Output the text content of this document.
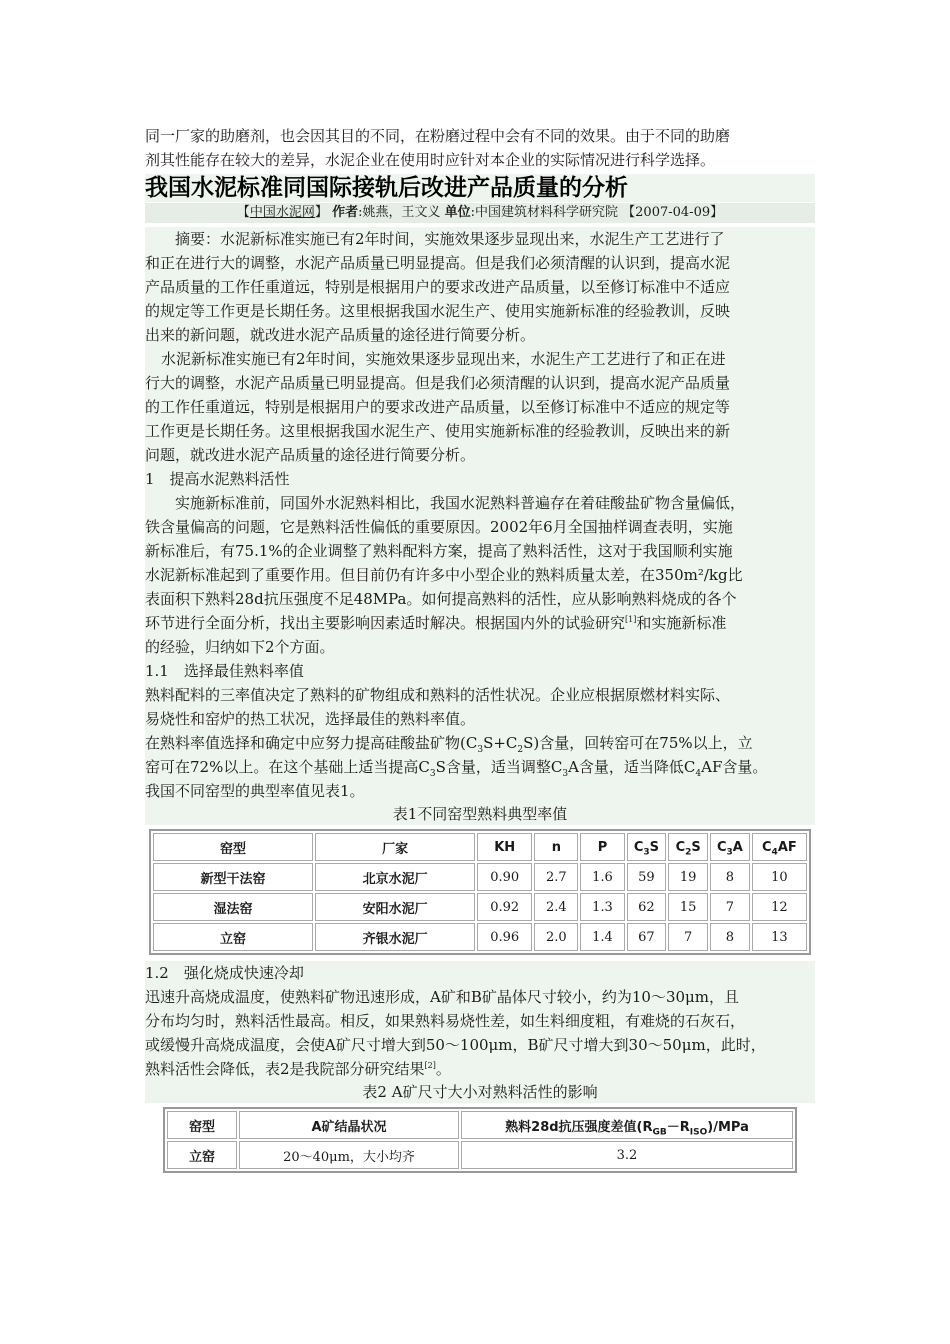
同一厂家的助磨剂，也会因其目的不同，在粉磨过程中会有不同的效果。由于不同的助磨

剂其性能存在较大的差异，水泥企业在使用时应针对本企业的实际情况进行科学选择。

我国水泥标准同国际接轨后改进产品质量的分析
【中国水泥网】 作者:姚燕，王文义 单位:中国建筑材料科学研究院 【2007-04-09】

摘要：水泥新标准实施已有2年时间，实施效果逐步显现出来，水泥生产工艺进行了

和正在进行大的调整，水泥产品质量已明显提高。但是我们必须清醒的认识到，提高水泥

产品质量的工作任重道远，特别是根据用户的要求改进产品质量，以至修订标准中不适应

的规定等工作更是长期任务。这里根据我国水泥生产、使用实施新标准的经验教训，反映

出来的新问题，就改进水泥产品质量的途径进行简要分析。

水泥新标准实施已有2年时间，实施效果逐步显现出来，水泥生产工艺进行了和正在进

行大的调整，水泥产品质量已明显提高。但是我们必须清醒的认识到，提高水泥产品质量

的工作任重道远，特别是根据用户的要求改进产品质量，以至修订标准中不适应的规定等

工作更是长期任务。这里根据我国水泥生产、使用实施新标准的经验教训，反映出来的新

问题，就改进水泥产品质量的途径进行简要分析。

1　提高水泥熟料活性

实施新标准前，同国外水泥熟料相比，我国水泥熟料普遍存在着硅酸盐矿物含量偏低，

铁含量偏高的问题，它是熟料活性偏低的重要原因。2002年6月全国抽样调查表明，实施

新标准后，有75.1%的企业调整了熟料配料方案，提高了熟料活性，这对于我国顺利实施

水泥新标准起到了重要作用。但目前仍有许多中小型企业的熟料质量太差，在350m²/kg比

表面积下熟料28d抗压强度不足48MPa。如何提高熟料的活性，应从影响熟料烧成的各个

环节进行全面分析，找出主要影响因素适时解决。根据国内外的试验研究[1]和实施新标准

的经验，归纳如下2个方面。

1.1　选择最佳熟料率值

熟料配料的三率值决定了熟料的矿物组成和熟料的活性状况。企业应根据原燃材料实际、

易烧性和窑炉的热工状况，选择最佳的熟料率值。

在熟料率值选择和确定中应努力提高硅酸盐矿物$(C_3S+C_2S)$含量，回转窑可在75%以上，立

窑可在72%以上。在这个基础上适当提高$C_3S$含量，适当调整$C_3A$含量，适当降低$C_4AF$含量。

我国不同窑型的典型率值见表1。

表1不同窑型熟料典型率值

窑型	厂家	KH	n	P	$C_3S$	$C_2S$	$C_3A$	$C_4AF$
新型干法窑	北京水泥厂	0.90	2.7	1.6	59	19	8	10
湿法窑	安阳水泥厂	0.92	2.4	1.3	62	15	7	12
立窑	齐银水泥厂	0.96	2.0	1.4	67	7	8	13

1.2　强化烧成快速冷却

迅速升高烧成温度，使熟料矿物迅速形成，A矿和B矿晶体尺寸较小，约为10～30μm，且

分布均匀时，熟料活性最高。相反，如果熟料易烧性差，如生料细度粗，有难烧的石灰石，

或缓慢升高烧成温度，会使A矿尺寸增大到50～100μm，B矿尺寸增大到30～50μm，此时，

熟料活性会降低，表2是我院部分研究结果[2]。

表2 A矿尺寸大小对熟料活性的影响

窑型	A矿结晶状况	熟料28d抗压强度差值$(R_{GB}-R_{ISO})$/MPa
立窑	20～40μm，大小均齐	3.2
